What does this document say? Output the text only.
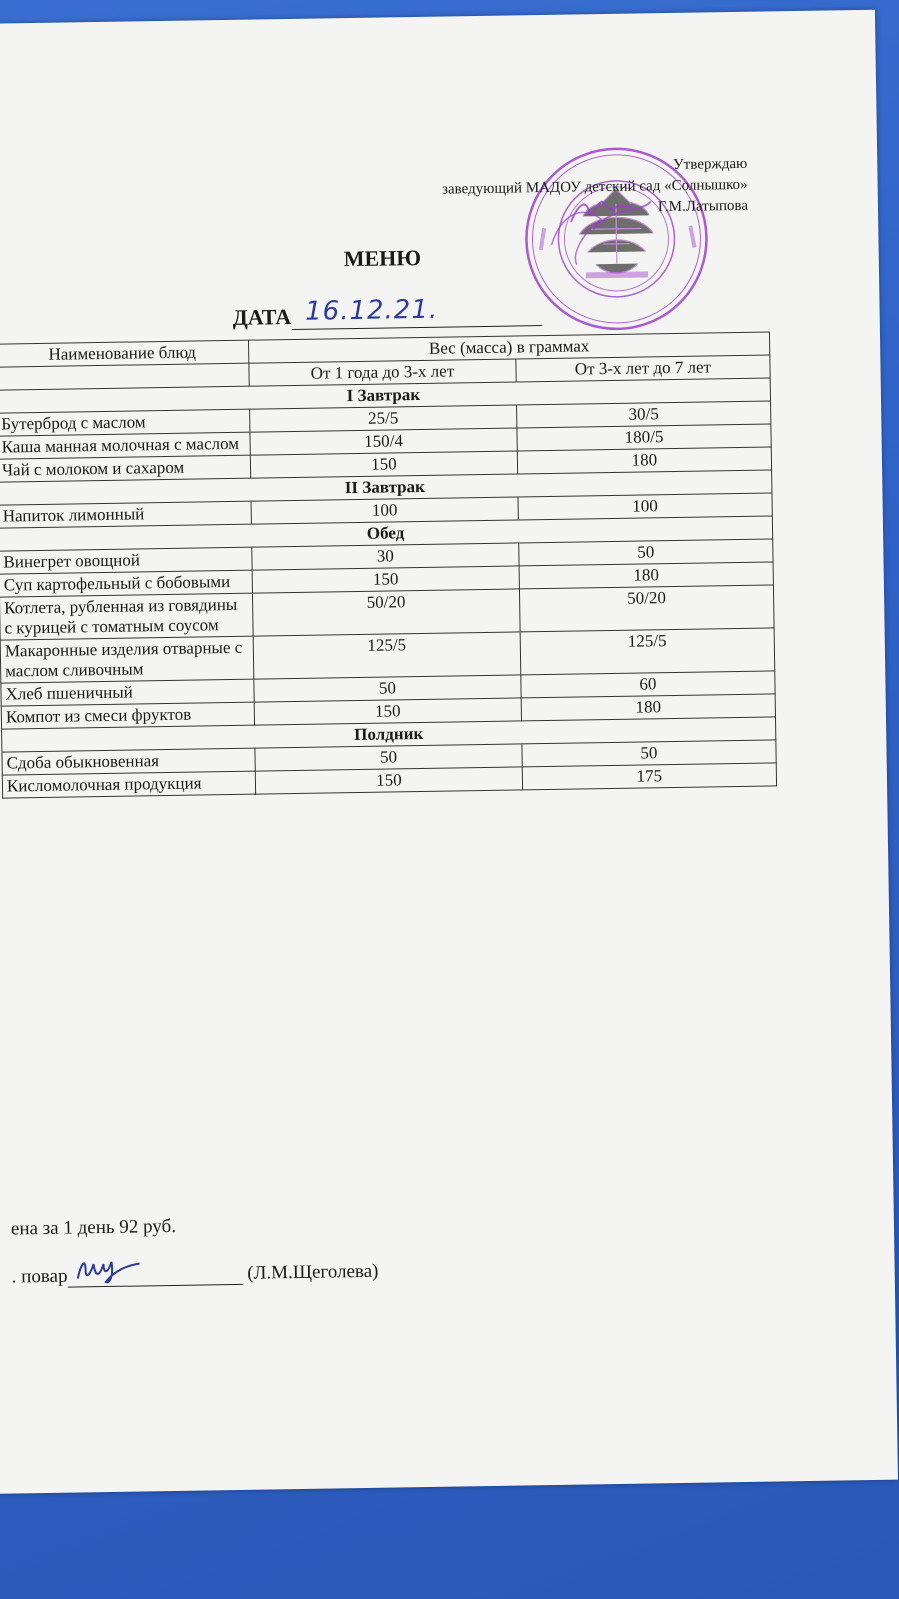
Утверждаю
заведующий МАДОУ детский сад «Солнышко»
Г.М.Латыпова
МЕНЮ
ДАТА 16.12.21.
Наименование блюд	Вес (масса) в граммах	
	От 1 года до 3-х лет	От 3-х лет до 7 лет
I Завтрак		
Бутерброд с маслом	25/5	30/5
Каша манная молочная с маслом	150/4	180/5
Чай с молоком и сахаром	150	180
II Завтрак		
Напиток лимонный	100	100
Обед		
Винегрет овощной	30	50
Суп картофельный с бобовыми	150	180
Котлета, рубленная из говядины с курицей с томатным соусом	50/20	50/20
Макаронные изделия отварные с маслом сливочным	125/5	125/5
Хлеб пшеничный	50	60
Компот из смеси фруктов	150	180
Полдник		
Сдоба обыкновенная	50	50
Кисломолочная продукция	150	175
ена за 1 день 92 руб.
. повар	(Л.М.Щеголева)
